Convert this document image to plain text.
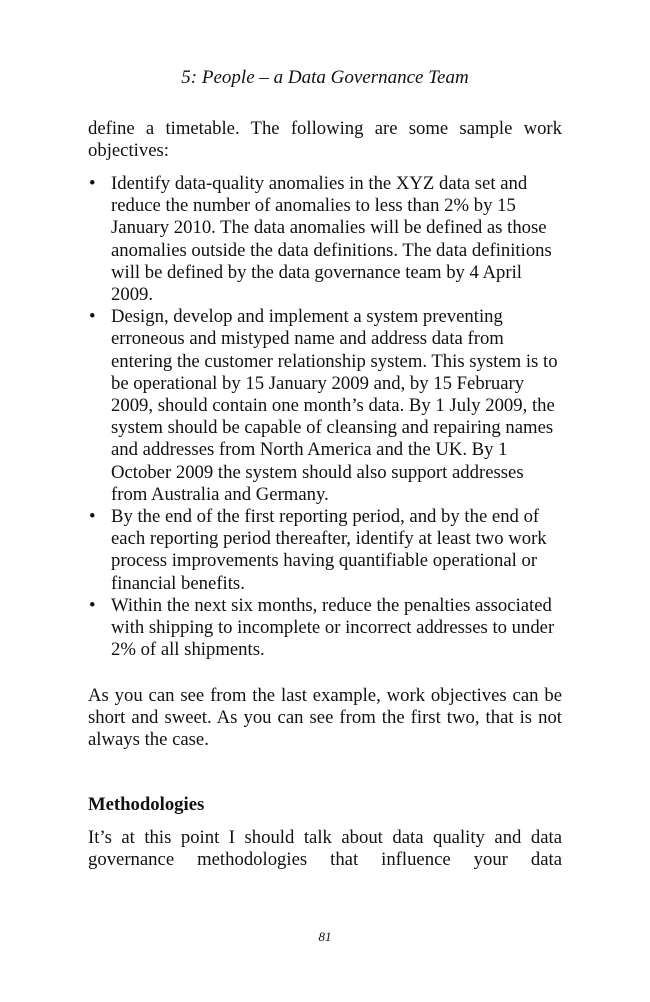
5: People – a Data Governance Team

define a timetable. The following are some sample work objectives:

• Identify data-quality anomalies in the XYZ data set and reduce the number of anomalies to less than 2% by 15 January 2010. The data anomalies will be defined as those anomalies outside the data definitions. The data definitions will be defined by the data governance team by 4 April 2009.
• Design, develop and implement a system preventing erroneous and mistyped name and address data from entering the customer relationship system. This system is to be operational by 15 January 2009 and, by 15 February 2009, should contain one month’s data. By 1 July 2009, the system should be capable of cleansing and repairing names and addresses from North America and the UK. By 1 October 2009 the system should also support addresses from Australia and Germany.
• By the end of the first reporting period, and by the end of each reporting period thereafter, identify at least two work process improvements having quantifiable operational or financial benefits.
• Within the next six months, reduce the penalties associated with shipping to incomplete or incorrect addresses to under 2% of all shipments.

As you can see from the last example, work objectives can be short and sweet. As you can see from the first two, that is not always the case.

Methodologies

It’s at this point I should talk about data quality and data governance methodologies that influence your data

81
